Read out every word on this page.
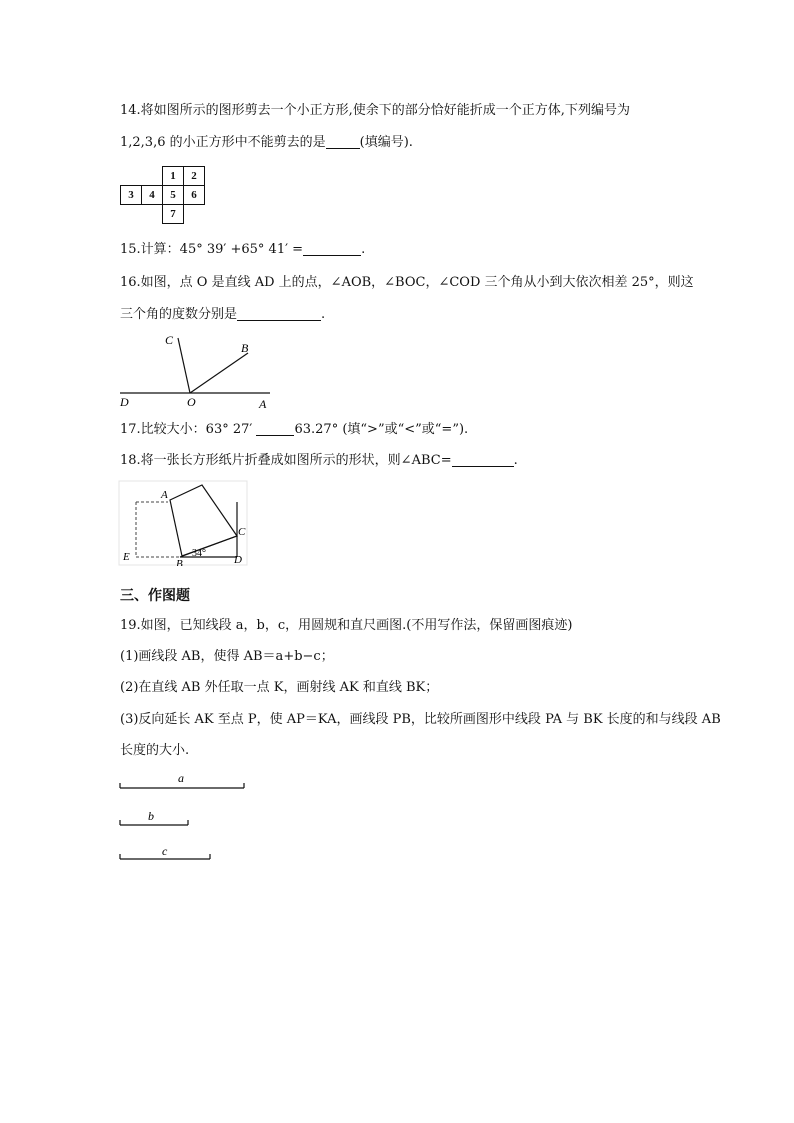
14.将如图所示的图形剪去一个小正方形,使余下的部分恰好能折成一个正方体,下列编号为
1,2,3,6 的小正方形中不能剪去的是	(填编号).
		1	2
3	4	5	6
		7	
15.计算：45° 39′ +65° 41′ =	.
16.如图，点 O 是直线 AD 上的点，∠AOB，∠BOC，∠COD 三个角从小到大依次相差 25°，则这
三个角的度数分别是	.
C
B
D	O	A
17.比较大小：63° 27′	63.27° (填“>”或“<”或“=”).
18.将一张长方形纸片折叠成如图所示的形状，则∠ABC=	.
A
C
E
B	D
34°
三、作图题
19.如图，已知线段 a，b，c，用圆规和直尺画图.(不用写作法，保留画图痕迹)
(1)画线段 AB，使得 AB＝a+b−c；
(2)在直线 AB 外任取一点 K，画射线 AK 和直线 BK；
(3)反向延长 AK 至点 P，使 AP＝KA，画线段 PB，比较所画图形中线段 PA 与 BK 长度的和与线段 AB
长度的大小.
a
b
c
